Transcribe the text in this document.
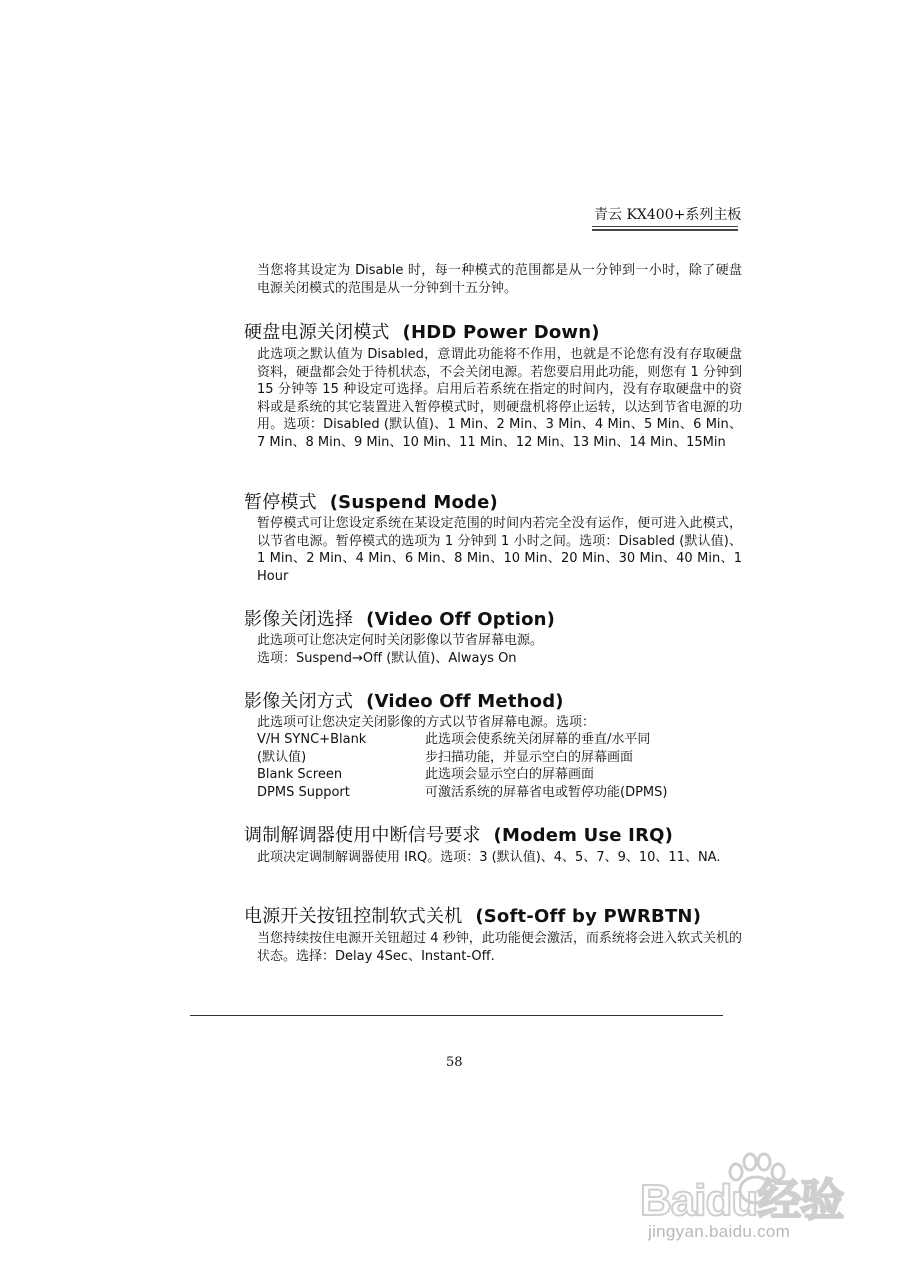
青云 KX400+系列主板
当您将其设定为 Disable 时，每一种模式的范围都是从一分钟到一小时，除了硬盘电源关闭模式的范围是从一分钟到十五分钟。
硬盘电源关闭模式 (HDD Power Down)
此选项之默认值为 Disabled，意谓此功能将不作用，也就是不论您有没有存取硬盘资料，硬盘都会处于待机状态，不会关闭电源。若您要启用此功能，则您有 1 分钟到 15 分钟等 15 种设定可选择。启用后若系统在指定的时间内，没有存取硬盘中的资料或是系统的其它装置进入暂停模式时，则硬盘机将停止运转，以达到节省电源的功用。选项：Disabled (默认值)、1 Min、2 Min、3 Min、4 Min、5 Min、6 Min、7 Min、8 Min、9 Min、10 Min、11 Min、12 Min、13 Min、14 Min、15Min
暂停模式 (Suspend Mode)
暂停模式可让您设定系统在某设定范围的时间内若完全没有运作，便可进入此模式，以节省电源。暂停模式的选项为 1 分钟到 1 小时之间。选项：Disabled (默认值)、1 Min、2 Min、4 Min、6 Min、8 Min、10 Min、20 Min、30 Min、40 Min、1 Hour
影像关闭选择 (Video Off Option)
此选项可让您决定何时关闭影像以节省屏幕电源。
选项：Suspend→Off (默认值)、Always On
影像关闭方式 (Video Off Method)
此选项可让您决定关闭影像的方式以节省屏幕电源。选项：
V/H SYNC+Blank	此选项会使系统关闭屏幕的垂直/水平同
(默认值)	步扫描功能，并显示空白的屏幕画面
Blank Screen	此选项会显示空白的屏幕画面
DPMS Support	可激活系统的屏幕省电或暂停功能(DPMS)
调制解调器使用中断信号要求 (Modem Use IRQ)
此项决定调制解调器使用 IRQ。选项：3 (默认值)、4、5、7、9、10、11、NA.
电源开关按钮控制软式关机 (Soft-Off by PWRBTN)
当您持续按住电源开关钮超过 4 秒钟，此功能便会激活，而系统将会进入软式关机的状态。选择：Delay 4Sec、Instant-Off.
58
Baidu经验
jingyan.baidu.com
